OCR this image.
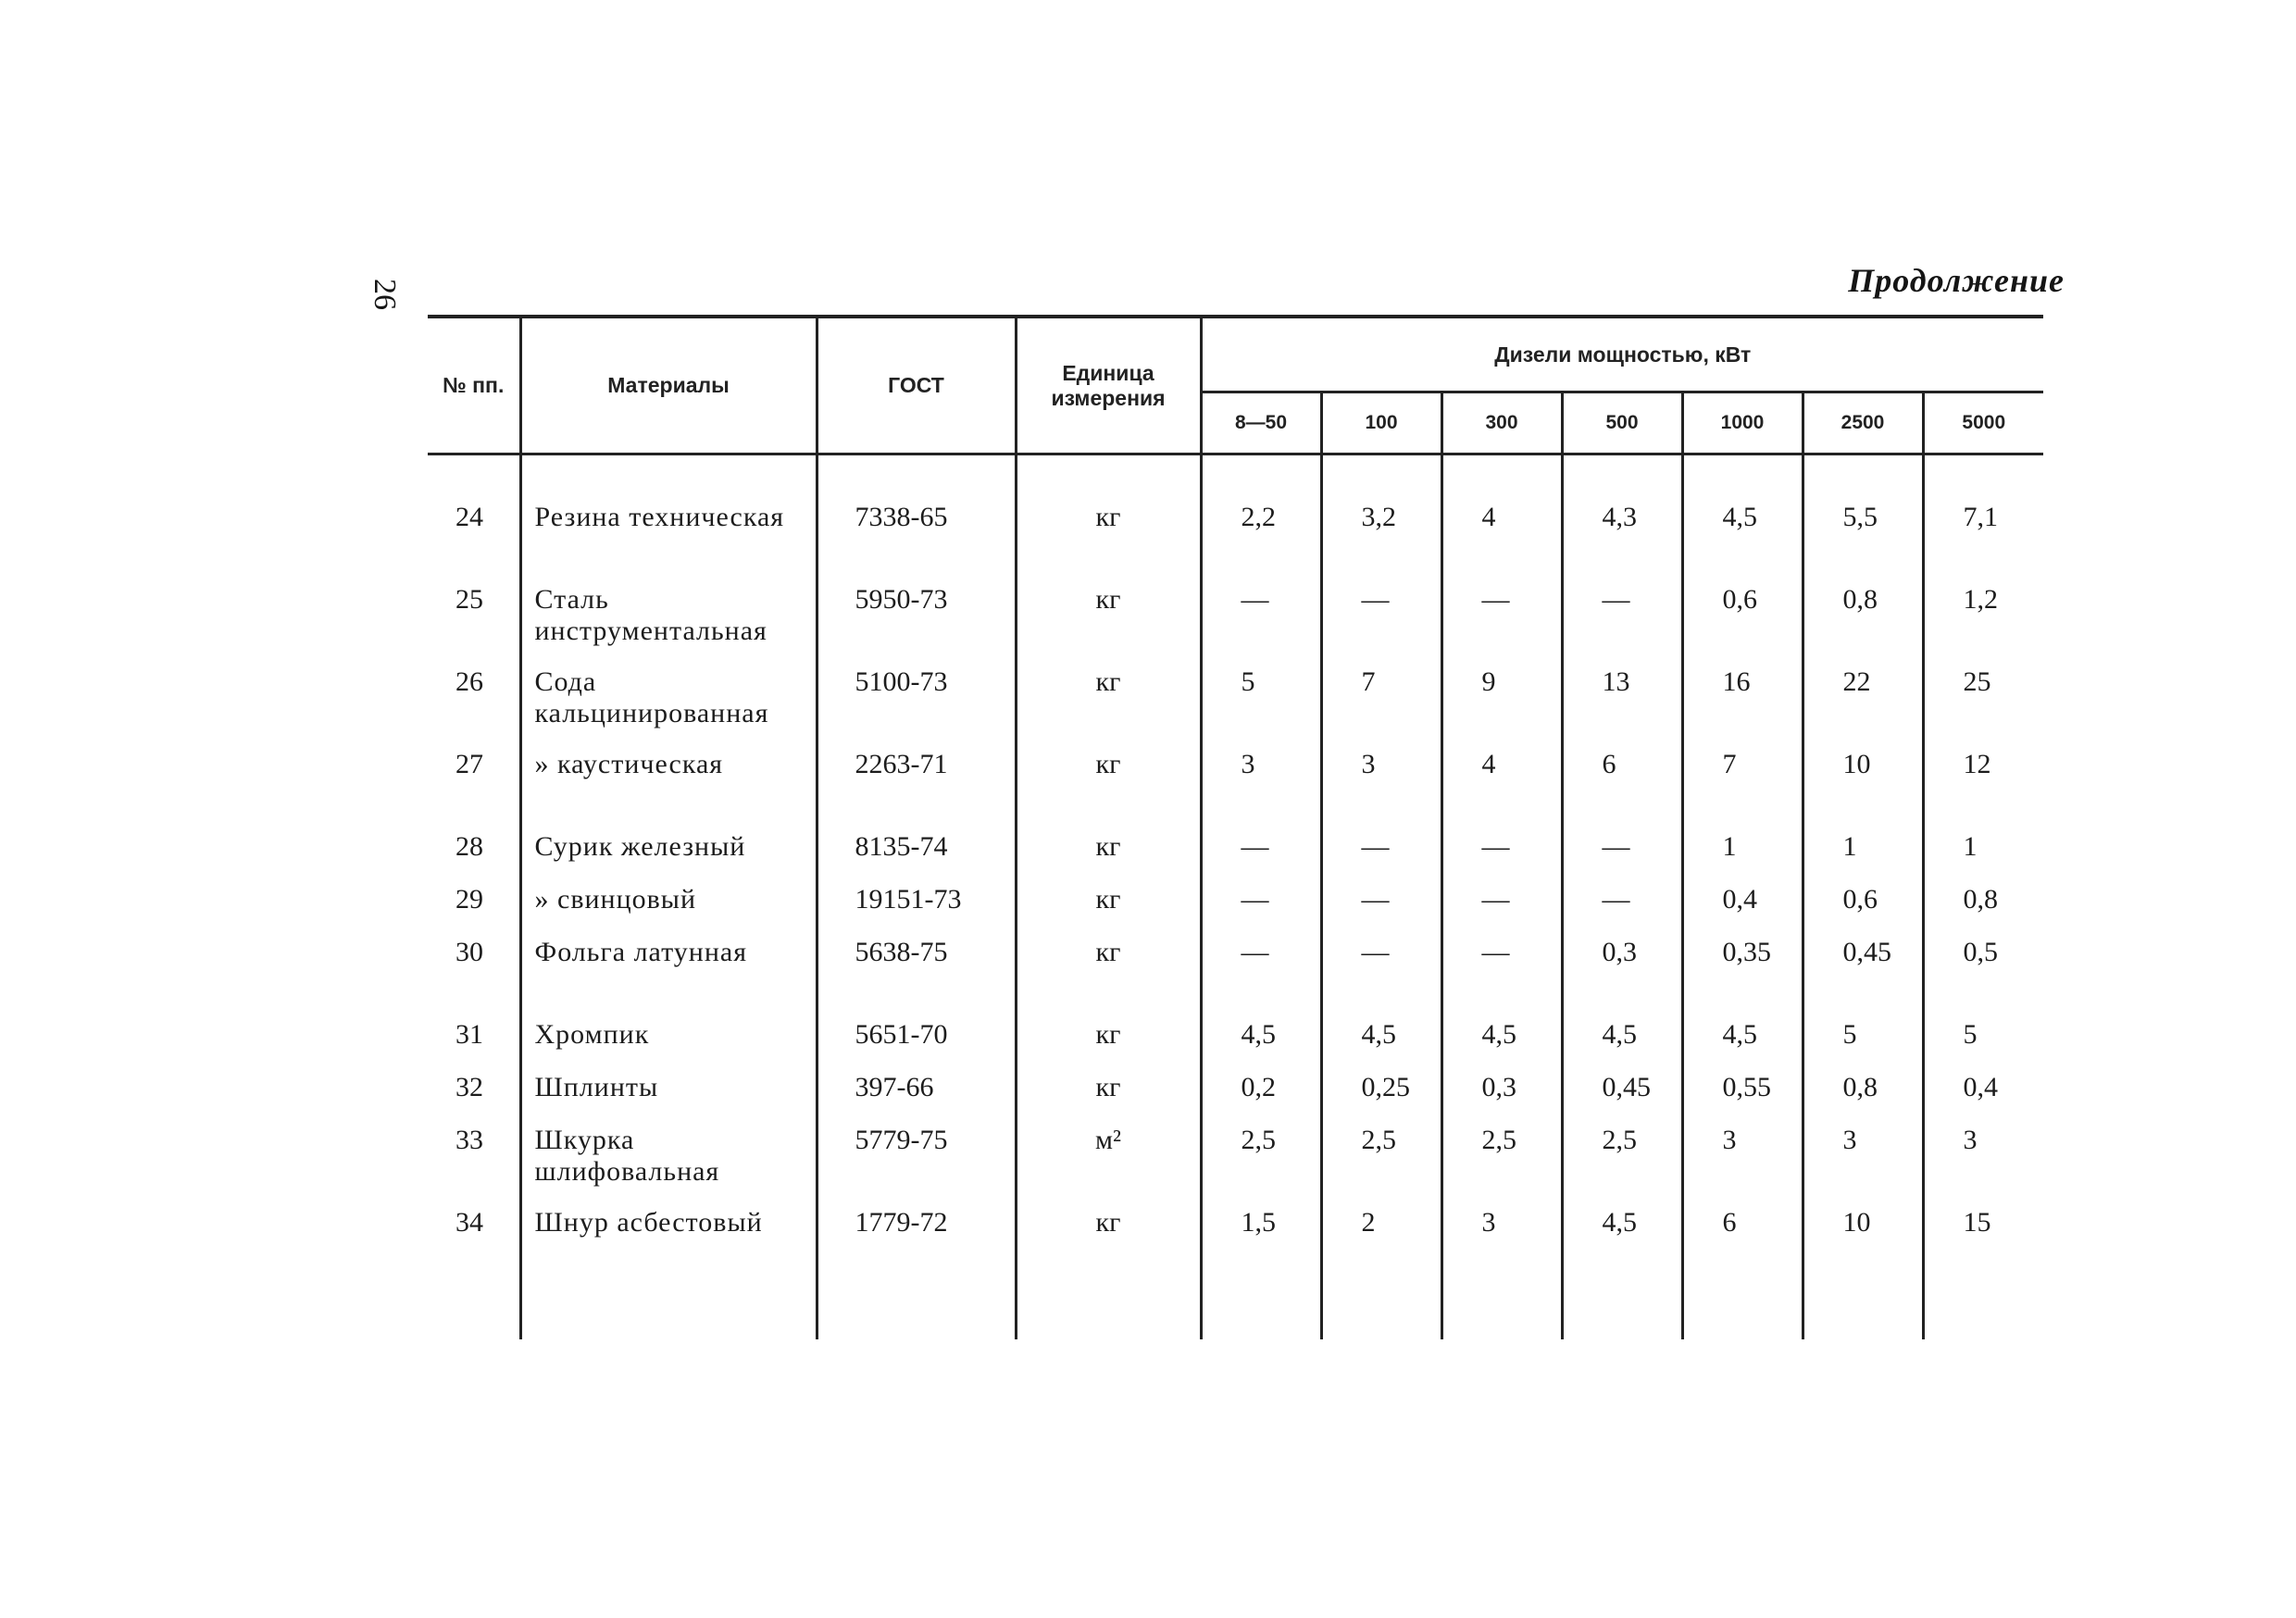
26	Продолжение
№ пп.	Материалы	ГОСТ	Единица измерения	Дизели мощностью, кВт						
				8—50	100	300	500	1000	2500	5000

24	Резина техническая	7338-65	кг	2,2	3,2	4	4,3	4,5	5,5	7,1
25	Сталь инструментальная	5950-73	кг	—	—	—	—	0,6	0,8	1,2
26	Сода кальцинированная	5100-73	кг	5	7	9	13	16	22	25
27	» каустическая	2263-71	кг	3	3	4	6	7	10	12
28	Сурик железный	8135-74	кг	—	—	—	—	1	1	1
29	» свинцовый	19151-73	кг	—	—	—	—	0,4	0,6	0,8
30	Фольга латунная	5638-75	кг	—	—	—	0,3	0,35	0,45	0,5
31	Хромпик	5651-70	кг	4,5	4,5	4,5	4,5	4,5	5	5
32	Шплинты	397-66	кг	0,2	0,25	0,3	0,45	0,55	0,8	0,4
33	Шкурка шлифовальная	5779-75	м²	2,5	2,5	2,5	2,5	3	3	3
34	Шнур асбестовый	1779-72	кг	1,5	2	3	4,5	6	10	15
